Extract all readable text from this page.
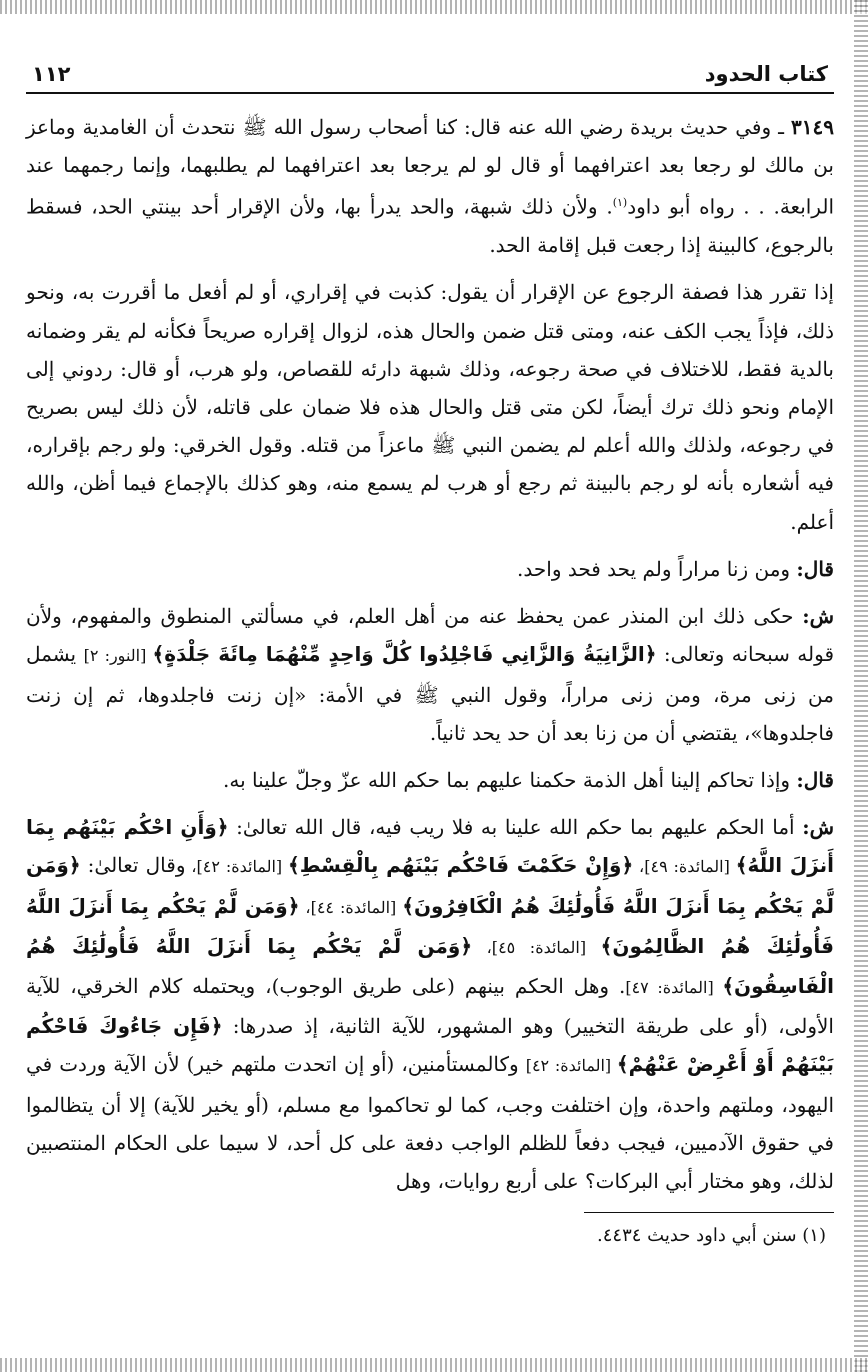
كتاب الحدود
١١٢

٣١٤٩ ـ وفي حديث بريدة رضي الله عنه قال: كنا أصحاب رسول الله ﷺ نتحدث أن الغامدية وماعز بن مالك لو رجعا بعد اعترافهما أو قال لو لم يرجعا بعد اعترافهما لم يطلبهما، وإنما رجمهما عند الرابعة. . . رواه أبو داود$^{(١)}$. ولأن ذلك شبهة، والحد يدرأ بها، ولأن الإقرار أحد بينتي الحد، فسقط بالرجوع، كالبينة إذا رجعت قبل إقامة الحد.

إذا تقرر هذا فصفة الرجوع عن الإقرار أن يقول: كذبت في إقراري، أو لم أفعل ما أقررت به، ونحو ذلك، فإذاً يجب الكف عنه، ومتى قتل ضمن والحال هذه، لزوال إقراره صريحاً فكأنه لم يقر وضمانه بالدية فقط، للاختلاف في صحة رجوعه، وذلك شبهة دارئه للقصاص، ولو هرب، أو قال: ردوني إلى الإمام ونحو ذلك ترك أيضاً، لكن متى قتل والحال هذه فلا ضمان على قاتله، لأن ذلك ليس بصريح في رجوعه، ولذلك والله أعلم لم يضمن النبي ﷺ ماعزاً من قتله. وقول الخرقي: ولو رجم بإقراره، فيه أشعاره بأنه لو رجم بالبينة ثم رجع أو هرب لم يسمع منه، وهو كذلك بالإجماع فيما أظن، والله أعلم.

قال: ومن زنا مراراً ولم يحد فحد واحد.

ش: حكى ذلك ابن المنذر عمن يحفظ عنه من أهل العلم، في مسألتي المنطوق والمفهوم، ولأن قوله سبحانه وتعالى: ﴿الزَّانِيَةُ وَالزَّانِي فَاجْلِدُوا كُلَّ وَاحِدٍ مِّنْهُمَا مِائَةَ جَلْدَةٍ﴾ [النور: ٢] يشمل من زنى مرة، ومن زنى مراراً، وقول النبي ﷺ في الأمة: «إن زنت فاجلدوها، ثم إن زنت فاجلدوها»، يقتضي أن من زنا بعد أن حد يحد ثانياً.

قال: وإذا تحاكم إلينا أهل الذمة حكمنا عليهم بما حكم الله عزّ وجلّ علينا به.

ش: أما الحكم عليهم بما حكم الله علينا به فلا ريب فيه، قال الله تعالىٰ: ﴿وَأَنِ احْكُم بَيْنَهُم بِمَا أَنزَلَ اللَّهُ﴾ [المائدة: ٤٩]، ﴿وَإِنْ حَكَمْتَ فَاحْكُم بَيْنَهُم بِالْقِسْطِ﴾ [المائدة: ٤٢]، وقال تعالىٰ: ﴿وَمَن لَّمْ يَحْكُم بِمَا أَنزَلَ اللَّهُ فَأُولَٰئِكَ هُمُ الْكَافِرُونَ﴾ [المائدة: ٤٤]، ﴿وَمَن لَّمْ يَحْكُم بِمَا أَنزَلَ اللَّهُ فَأُولَٰئِكَ هُمُ الظَّالِمُونَ﴾ [المائدة: ٤٥]، ﴿وَمَن لَّمْ يَحْكُم بِمَا أَنزَلَ اللَّهُ فَأُولَٰئِكَ هُمُ الْفَاسِقُونَ﴾ [المائدة: ٤٧]. وهل الحكم بينهم (على طريق الوجوب)، ويحتمله كلام الخرقي، للآية الأولى، (أو على طريقة التخيير) وهو المشهور، للآية الثانية، إذ صدرها: ﴿فَإِن جَاءُوكَ فَاحْكُم بَيْنَهُمْ أَوْ أَعْرِضْ عَنْهُمْ﴾ [المائدة: ٤٢] وكالمستأمنين، (أو إن اتحدت ملتهم خير) لأن الآية وردت في اليهود، وملتهم واحدة، وإن اختلفت وجب، كما لو تحاكموا مع مسلم، (أو يخير للآية) إلا أن يتظالموا في حقوق الآدميين، فيجب دفعاً للظلم الواجب دفعة على كل أحد، لا سيما على الحكام المنتصبين لذلك، وهو مختار أبي البركات؟ على أربع روايات، وهل

(١) سنن أبي داود حديث ٤٤٣٤.
